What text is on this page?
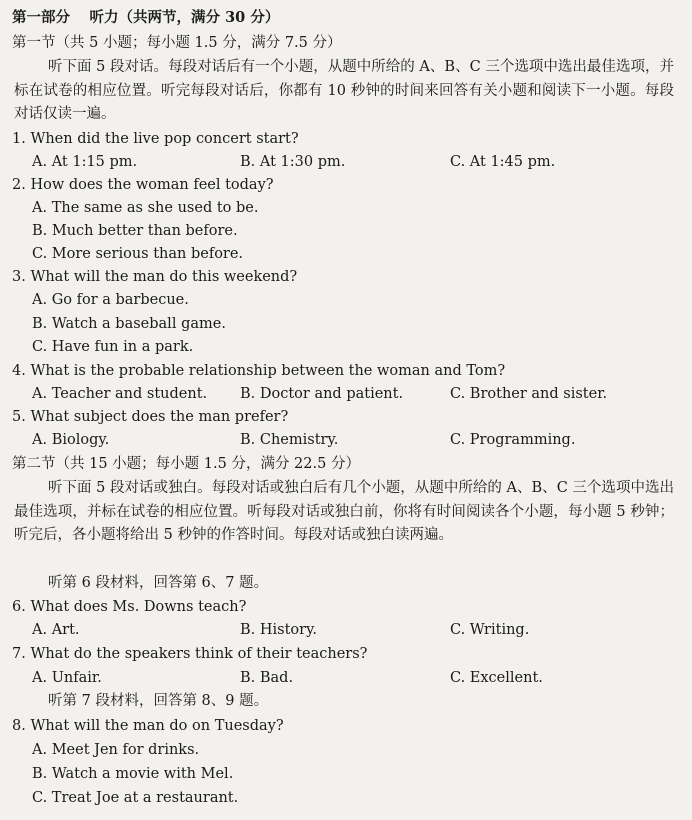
第一部分　 听力（共两节，满分 30 分）
第一节（共 5 小题；每小题 1.5 分，满分 7.5 分）
听下面 5 段对话。每段对话后有一个小题，从题中所给的 A、B、C 三个选项中选出最佳选项，并标在试卷的相应位置。听完每段对话后，你都有 10 秒钟的时间来回答有关小题和阅读下一小题。每段对话仅读一遍。
1. When did the live pop concert start?
A. At 1:15 pm.	B. At 1:30 pm.	C. At 1:45 pm.
2. How does the woman feel today?
A. The same as she used to be.
B. Much better than before.
C. More serious than before.
3. What will the man do this weekend?
A. Go for a barbecue.
B. Watch a baseball game.
C. Have fun in a park.
4. What is the probable relationship between the woman and Tom?
A. Teacher and student. B. Doctor and patient.	C. Brother and sister.
5. What subject does the man prefer?
A. Biology.	B. Chemistry.	C. Programming.
第二节（共 15 小题；每小题 1.5 分，满分 22.5 分）
听下面 5 段对话或独白。每段对话或独白后有几个小题，从题中所给的 A、B、C 三个选项中选出最佳选项，并标在试卷的相应位置。听每段对话或独白前，你将有时间阅读各个小题，每小题 5 秒钟；听完后，各小题将给出 5 秒钟的作答时间。每段对话或独白读两遍。
听第 6 段材料，回答第 6、7 题。
6. What does Ms. Downs teach?
A. Art.	B. History.	C. Writing.
7. What do the speakers think of their teachers?
A. Unfair.	B. Bad.	C. Excellent.
听第 7 段材料，回答第 8、9 题。
8. What will the man do on Tuesday?
A. Meet Jen for drinks.
B. Watch a movie with Mel.
C. Treat Joe at a restaurant.
